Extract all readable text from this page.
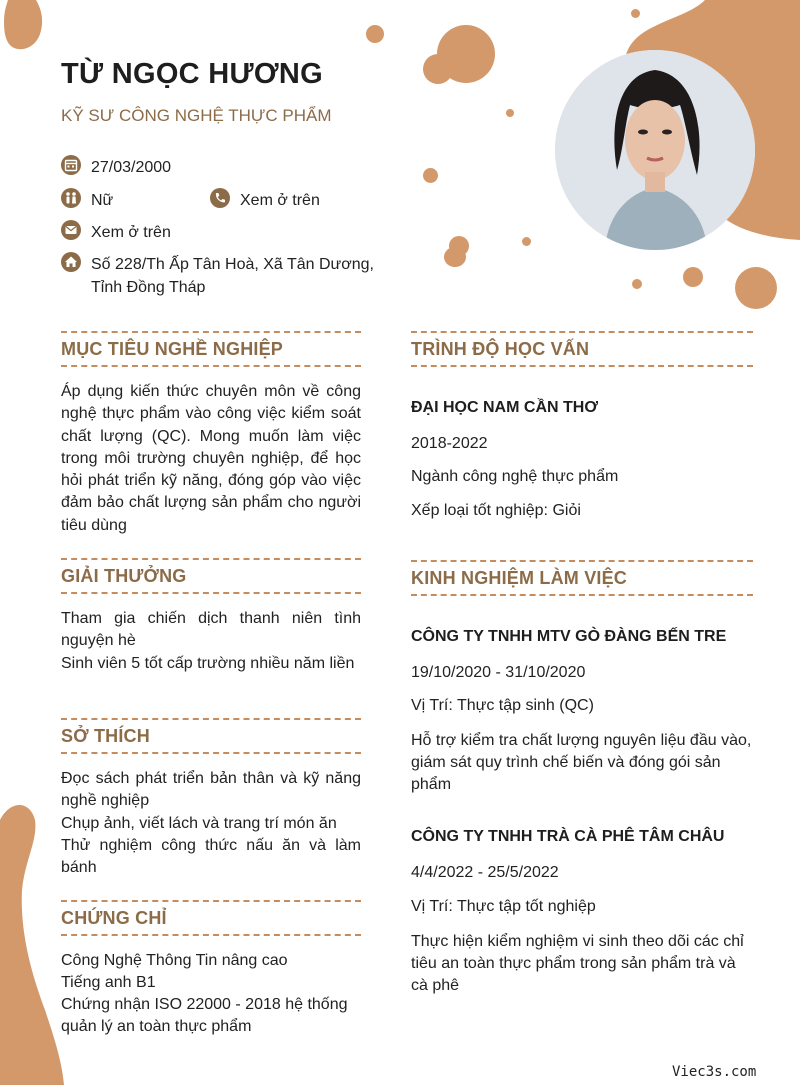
TỪ NGỌC HƯƠNG
KỸ SƯ CÔNG NGHỆ THỰC PHẨM
27/03/2000
Nữ	Xem ở trên
Xem ở trên
Số 228/Th Ấp Tân Hoà, Xã Tân Dương,
Tỉnh Đồng Tháp
MỤC TIÊU NGHỀ NGHIỆP

Áp dụng kiến thức chuyên môn về công nghệ thực phẩm vào công việc kiểm soát chất lượng (QC). Mong muốn làm việc trong môi trường chuyên nghiệp, để học hỏi phát triển kỹ năng, đóng góp vào việc đảm bảo chất lượng sản phẩm cho người tiêu dùng

GIẢI THƯỞNG

Tham gia chiến dịch thanh niên tình nguyện hè

Sinh viên 5 tốt cấp trường nhiều năm liền

SỞ THÍCH

Đọc sách phát triển bản thân và kỹ năng nghề nghiệp

Chụp ảnh, viết lách và trang trí món ăn

Thử nghiệm công thức nấu ăn và làm bánh

CHỨNG CHỈ

Công Nghệ Thông Tin nâng cao

Tiếng anh B1

Chứng nhận ISO 22000 - 2018 hệ thống quản lý an toàn thực phẩm

TRÌNH ĐỘ HỌC VẤN
ĐẠI HỌC NAM CẦN THƠ
2018-2022
Ngành công nghệ thực phẩm
Xếp loại tốt nghiệp: Giỏi
KINH NGHIỆM LÀM VIỆC
CÔNG TY TNHH MTV GÒ ĐÀNG BẾN TRE
19/10/2020 - 31/10/2020
Vị Trí: Thực tập sinh (QC)
Hỗ trợ kiểm tra chất lượng nguyên liệu đầu vào, giám sát quy trình chế biến và đóng gói sản phẩm
CÔNG TY TNHH TRÀ CÀ PHÊ TÂM CHÂU
4/4/2022 - 25/5/2022
Vị Trí: Thực tập tốt nghiệp
Thực hiện kiểm nghiệm vi sinh theo dõi các chỉ tiêu an toàn thực phẩm trong sản phẩm trà và cà phê
Viec3s.com
